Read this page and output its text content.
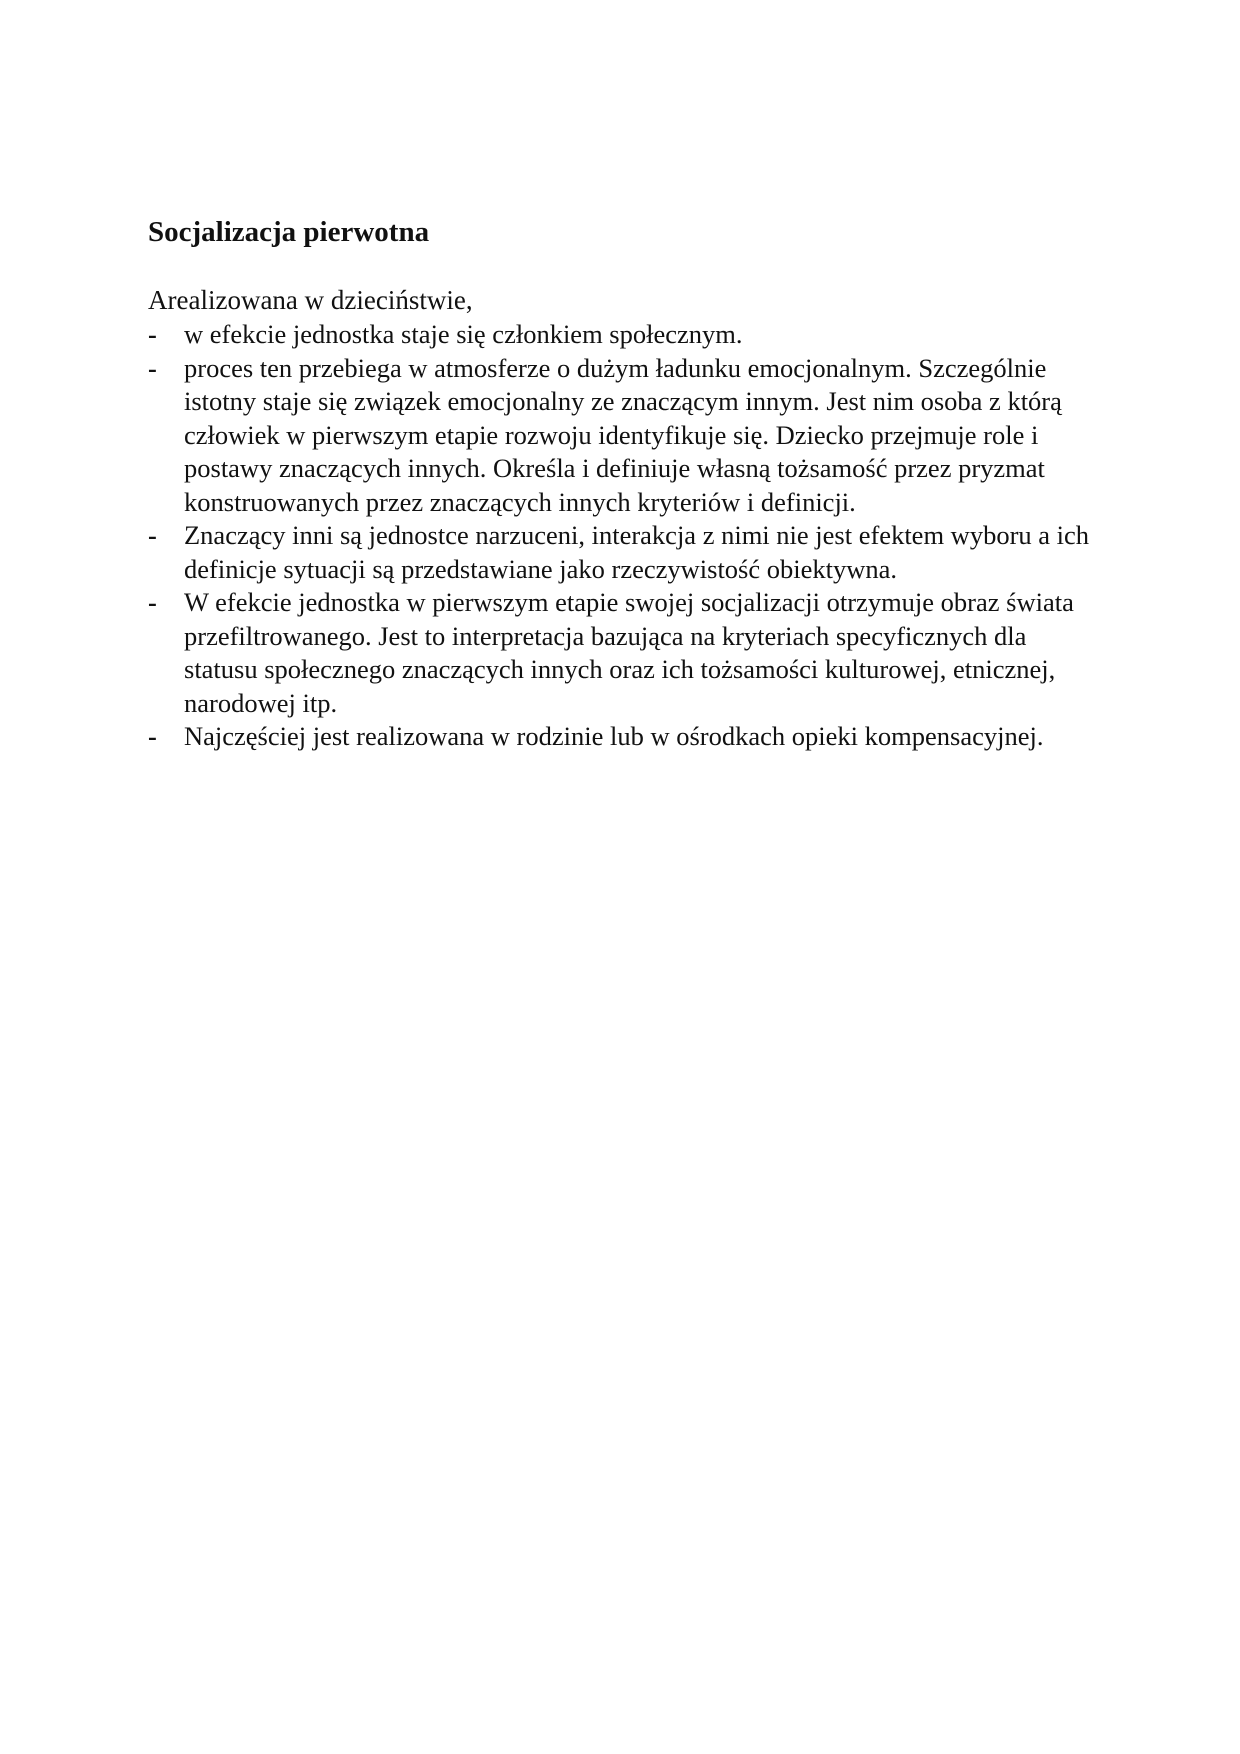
Socjalizacja pierwotna

Arealizowana w dzieciństwie,

- w efekcie jednostka staje się członkiem społecznym.
- proces ten przebiega w atmosferze o dużym ładunku emocjonalnym. Szczególnie istotny staje się związek emocjonalny ze znaczącym innym. Jest nim osoba z którą człowiek w pierwszym etapie rozwoju identyfikuje się. Dziecko przejmuje role i postawy znaczących innych. Określa i definiuje własną tożsamość przez pryzmat konstruowanych przez znaczących innych kryteriów i definicji.
- Znaczący inni są jednostce narzuceni, interakcja z nimi nie jest efektem wyboru a ich definicje sytuacji są przedstawiane jako rzeczywistość obiektywna.
- W efekcie jednostka w pierwszym etapie swojej socjalizacji otrzymuje obraz świata przefiltrowanego. Jest to interpretacja bazująca na kryteriach specyficznych dla statusu społecznego znaczących innych oraz ich tożsamości kulturowej, etnicznej, narodowej itp.
- Najczęściej jest realizowana w rodzinie lub w ośrodkach opieki kompensacyjnej.
